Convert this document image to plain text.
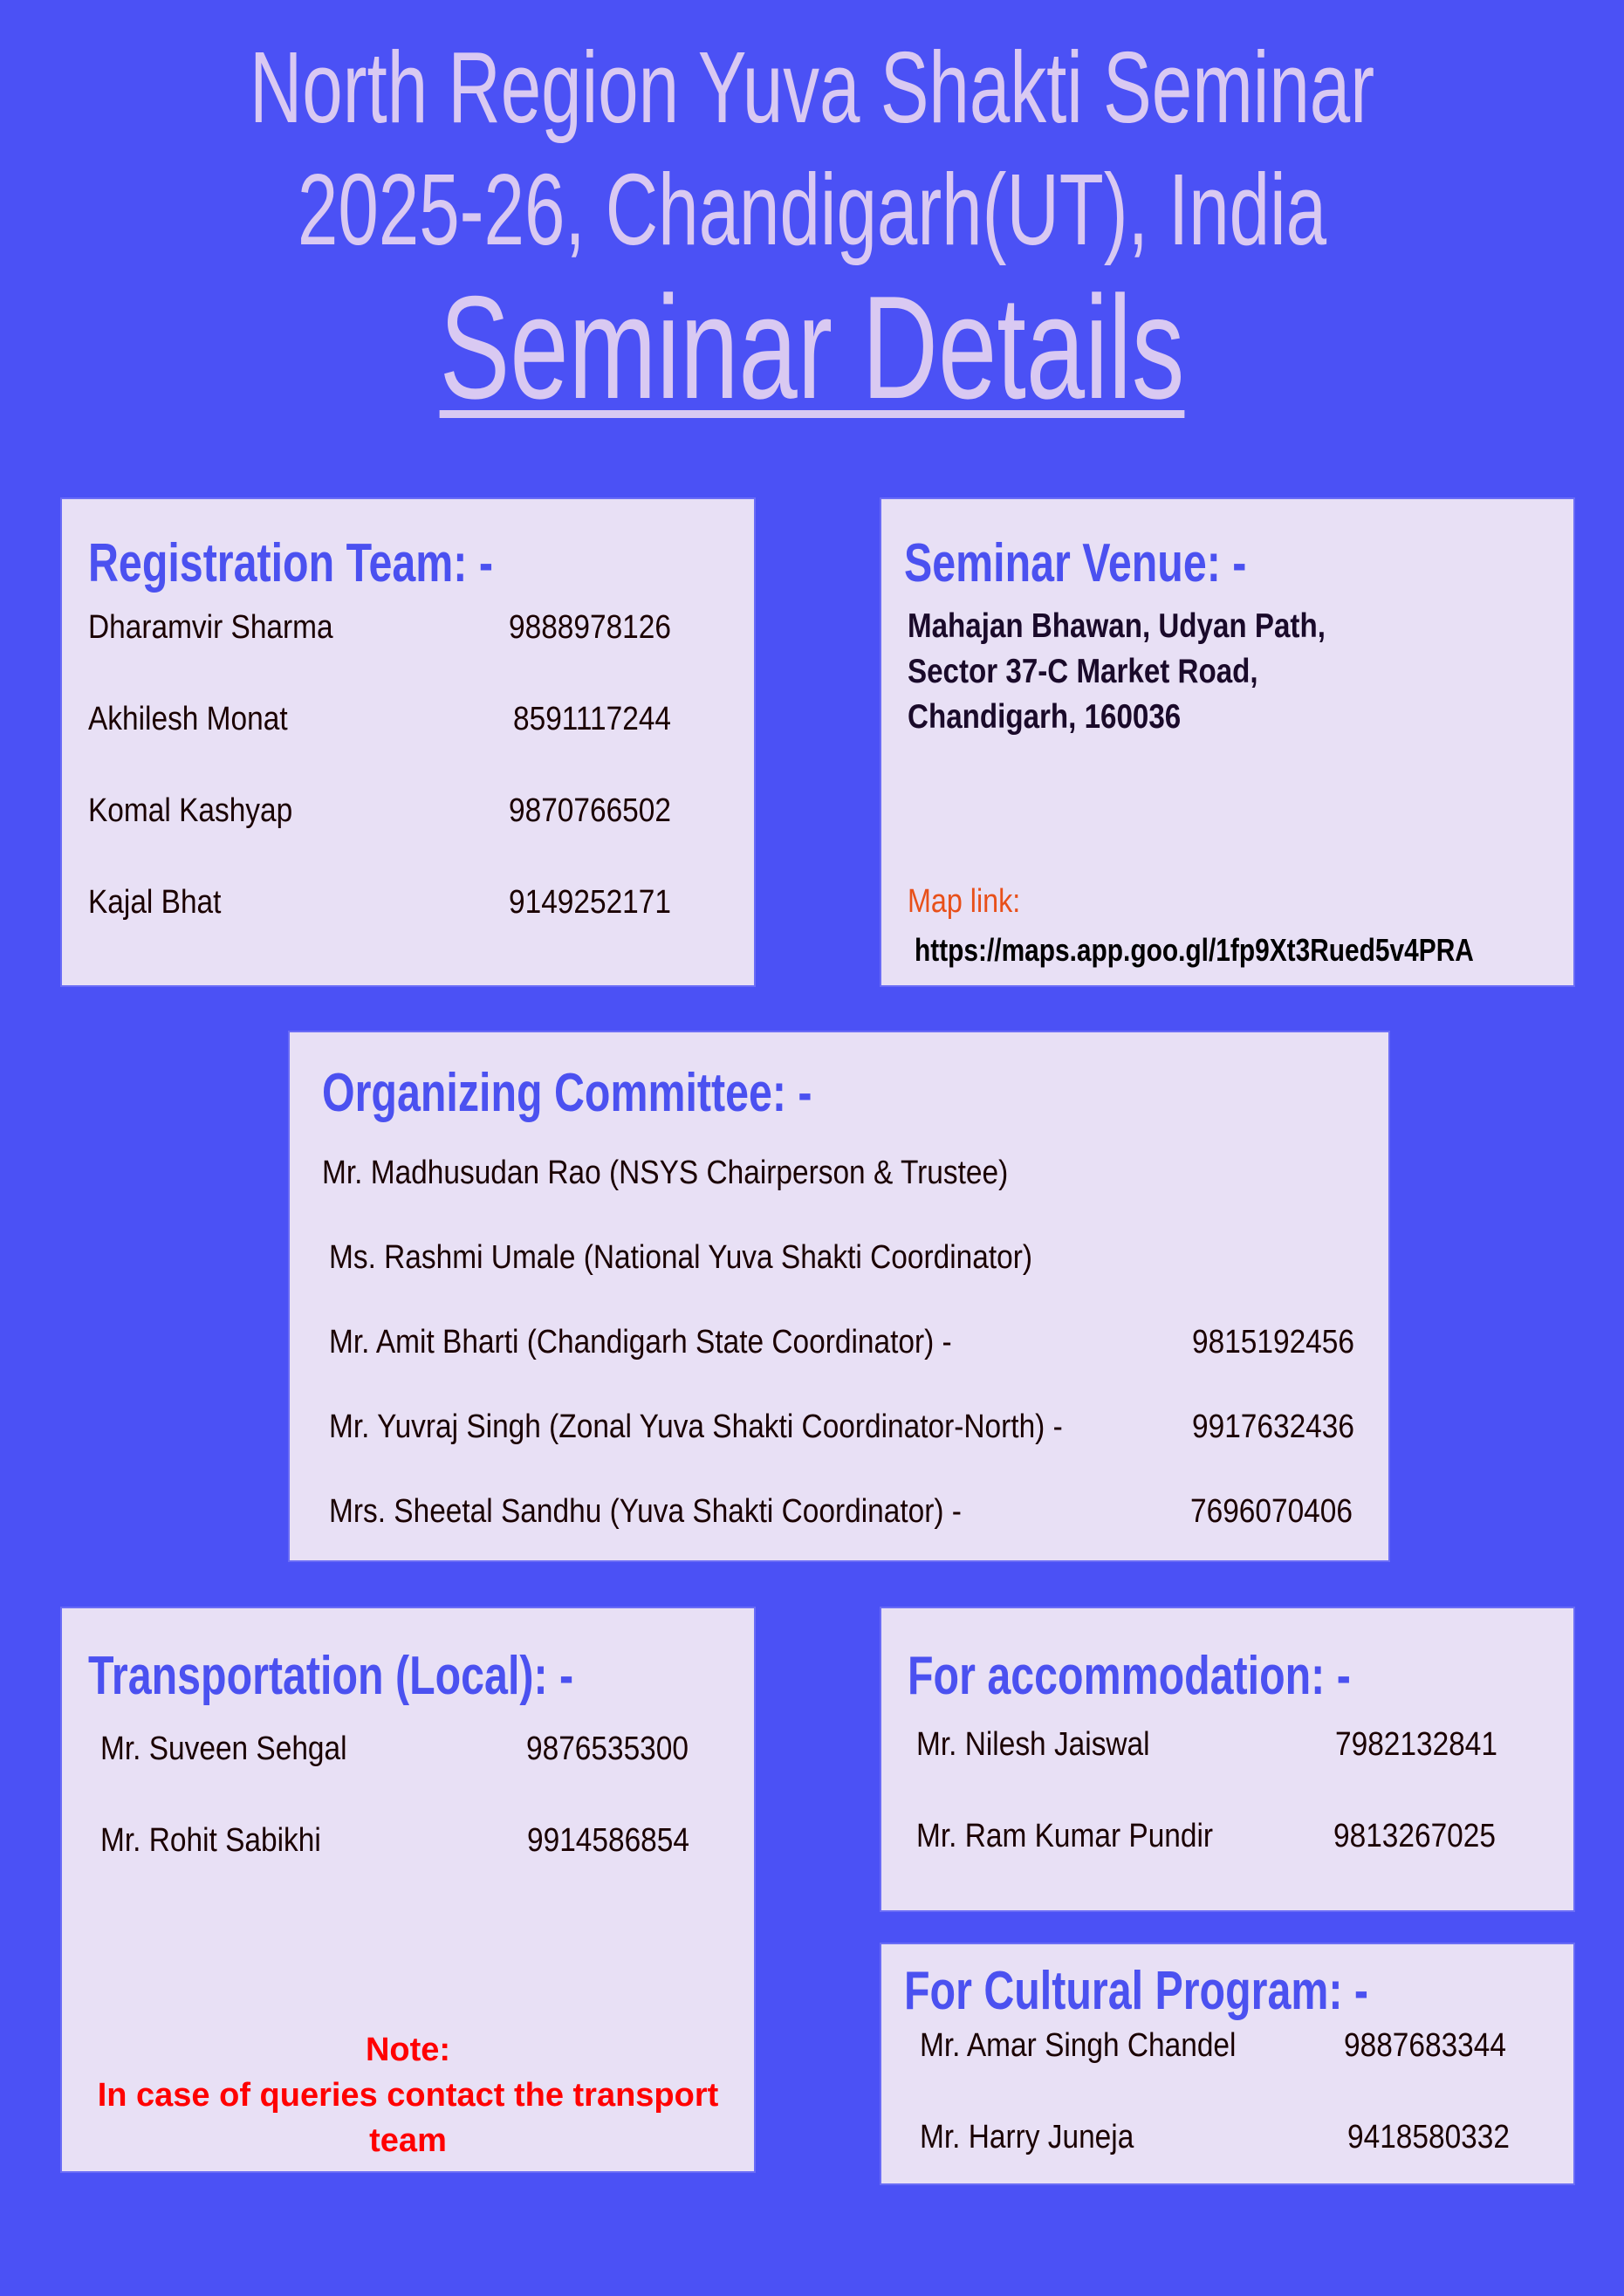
North Region Yuva Shakti Seminar
2025-26, Chandigarh(UT), India
Seminar Details
Registration Team: -
Dharamvir Sharma	9888978126
Akhilesh Monat	8591117244
Komal Kashyap	9870766502
Kajal Bhat	9149252171
Seminar Venue: -
Mahajan Bhawan, Udyan Path,
Sector 37-C Market Road,
Chandigarh, 160036
Map link:
https://maps.app.goo.gl/1fp9Xt3Rued5v4PRA
Organizing Committee: -
Mr. Madhusudan Rao (NSYS Chairperson & Trustee)
Ms. Rashmi Umale (National Yuva Shakti Coordinator)
Mr. Amit Bharti (Chandigarh State Coordinator) -	9815192456
Mr. Yuvraj Singh (Zonal Yuva Shakti Coordinator-North) -	9917632436
Mrs. Sheetal Sandhu (Yuva Shakti Coordinator) -	7696070406
Transportation (Local): -
Mr. Suveen Sehgal	9876535300
Mr. Rohit Sabikhi	9914586854
Note:
In case of queries contact the transport
team
For accommodation: -
Mr. Nilesh Jaiswal	7982132841
Mr. Ram Kumar Pundir	9813267025
For Cultural Program: -
Mr. Amar Singh Chandel	9887683344
Mr. Harry Juneja	9418580332
